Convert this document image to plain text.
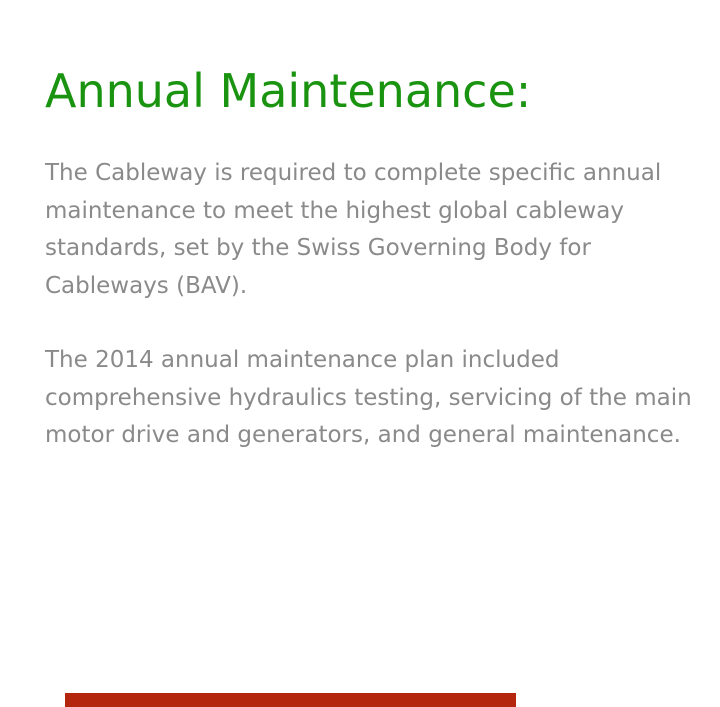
Annual Maintenance:

The Cableway is required to complete specific annual maintenance to meet the highest global cableway standards, set by the Swiss Governing Body for Cableways (BAV).

The 2014 annual maintenance plan included comprehensive hydraulics testing, servicing of the main motor drive and generators, and general maintenance.
